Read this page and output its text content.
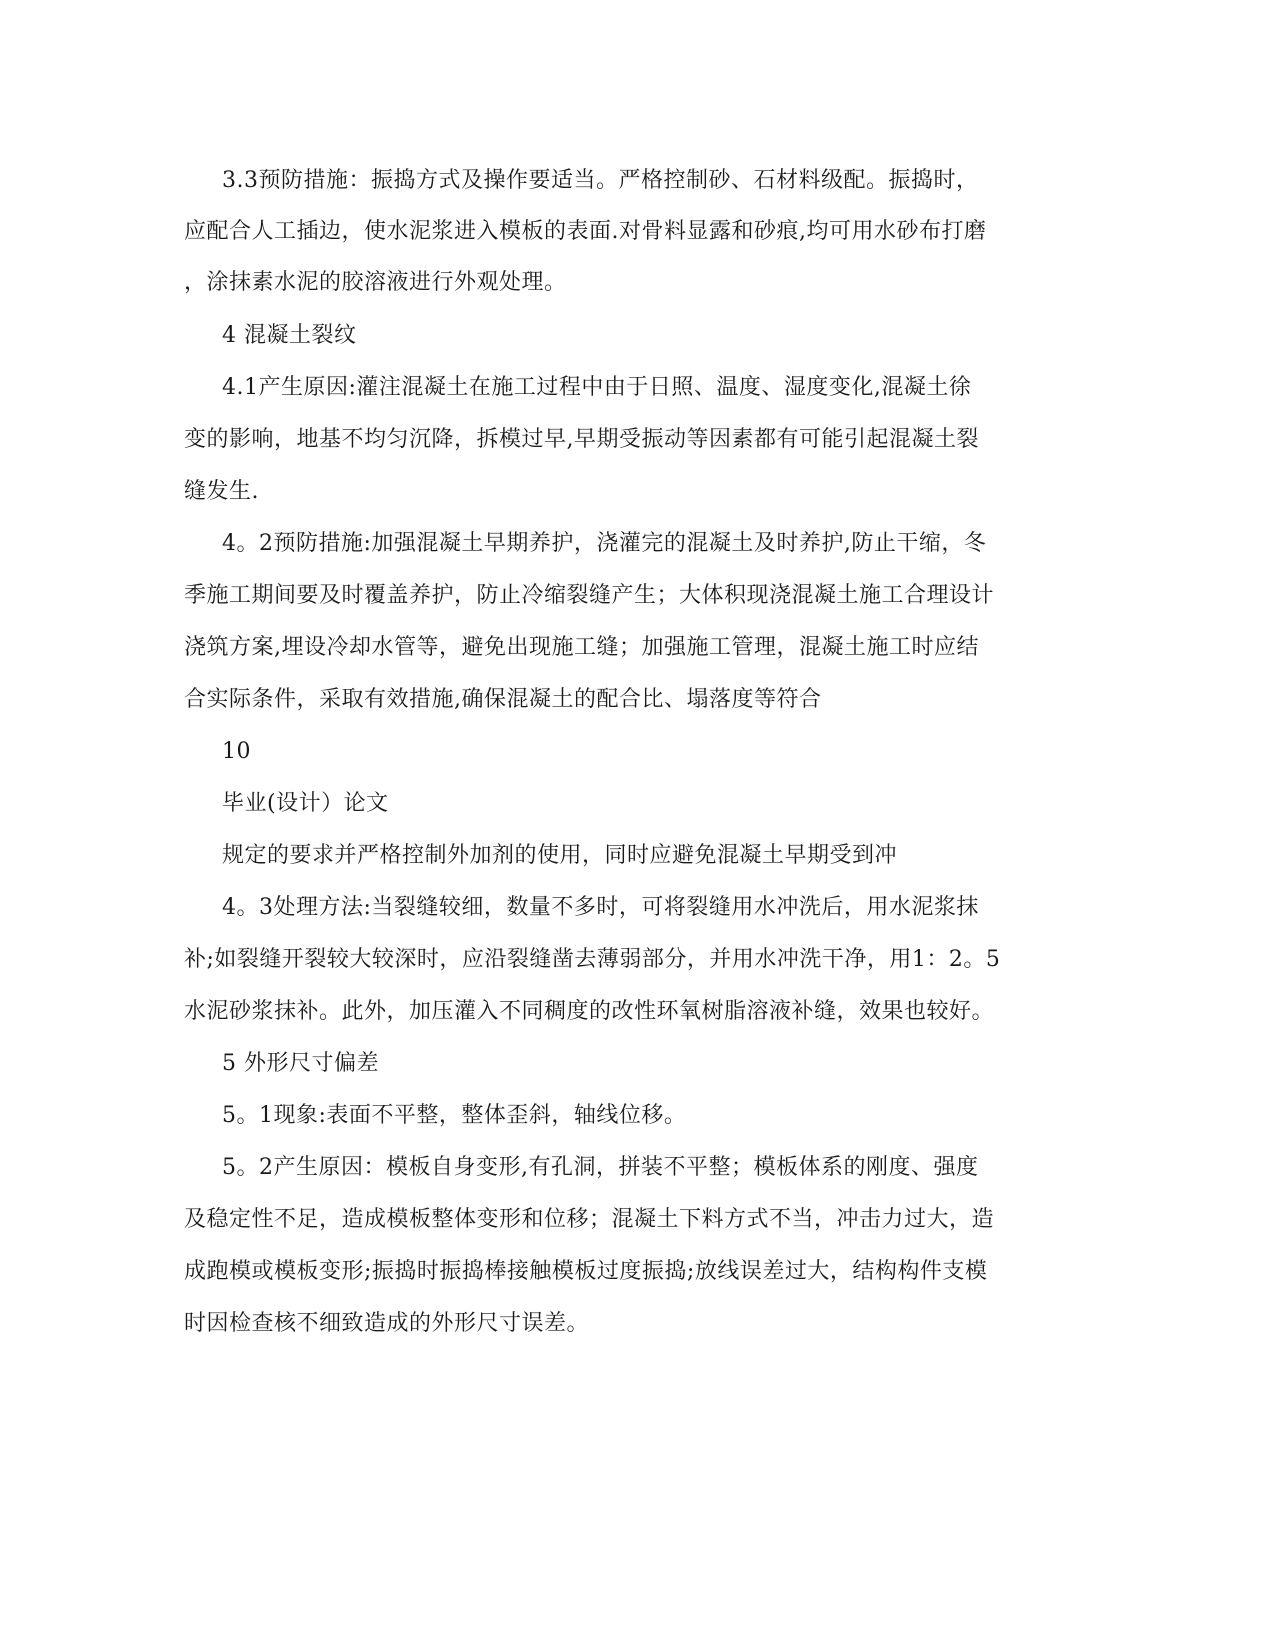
3.3预防措施：振捣方式及操作要适当。严格控制砂、石材料级配。振捣时，
应配合人工插边，使水泥浆进入模板的表面.对骨料显露和砂痕,均可用水砂布打磨
，涂抹素水泥的胶溶液进行外观处理。
4 混凝土裂纹
4.1产生原因:灌注混凝土在施工过程中由于日照、温度、湿度变化,混凝土徐
变的影响，地基不均匀沉降，拆模过早,早期受振动等因素都有可能引起混凝土裂
缝发生.
4。2预防措施:加强混凝土早期养护，浇灌完的混凝土及时养护,防止干缩，冬
季施工期间要及时覆盖养护，防止冷缩裂缝产生；大体积现浇混凝土施工合理设计
浇筑方案,埋设冷却水管等，避免出现施工缝；加强施工管理，混凝土施工时应结
合实际条件，采取有效措施,确保混凝土的配合比、塌落度等符合
10
毕业(设计）论文
规定的要求并严格控制外加剂的使用，同时应避免混凝土早期受到冲
4。3处理方法:当裂缝较细，数量不多时，可将裂缝用水冲洗后，用水泥浆抹
补;如裂缝开裂较大较深时，应沿裂缝凿去薄弱部分，并用水冲洗干净，用1：2。5
水泥砂浆抹补。此外，加压灌入不同稠度的改性环氧树脂溶液补缝，效果也较好。
5 外形尺寸偏差
5。1现象:表面不平整，整体歪斜，轴线位移。
5。2产生原因：模板自身变形,有孔洞，拼装不平整；模板体系的刚度、强度
及稳定性不足，造成模板整体变形和位移；混凝土下料方式不当，冲击力过大，造
成跑模或模板变形;振捣时振捣棒接触模板过度振捣;放线误差过大，结构构件支模
时因检查核不细致造成的外形尺寸误差。
